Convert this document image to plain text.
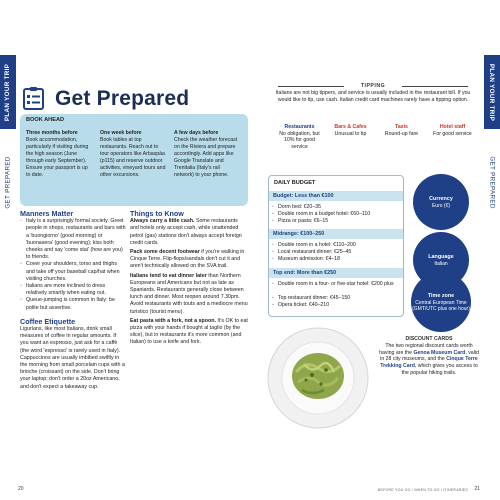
PLAN YOUR TRIP
GET PREPARED
PLAN YOUR TRIP
GET PREPARED
Get Prepared
BOOK AHEAD
Three months before
Book accommodation, particularly if visiting during the high season (June through early September). Ensure your passport is up to date.
One week before
Book tables at top restaurants. Reach out to tour operators like Arbaspàa (p115) and reserve outdoor activities, vineyard tours and other excursions.
A few days before
Check the weather forecast on the Riviera and prepare accordingly. Add apps like Google Translate and Trenitalia (Italy's rail network) to your phone.
Manners Matter
◦ Italy is a surprisingly formal society. Greet people in shops, restaurants and bars with a 'buongiorno' (good morning) or 'buonasera' (good evening); kiss both cheeks and say 'come stai' (how are you) to friends.
◦ Cover your shoulders, torso and thighs and take off your baseball cap/hat when visiting churches.
◦ Italians are more inclined to dress relatively smartly when eating out.
◦ Queue-jumping is common in Italy: be polite but assertive.
Coffee Etiquette

Ligurians, like most Italians, drink small measures of coffee in regular amounts. If you want an espresso, just ask for a caffè (the word 'espresso' is rarely used in Italy). Cappuccinos are usually imbibed swiftly in the morning from small porcelain cups with a brioche (croissant) on the side. Don't bring your laptop; don't order a 20oz Americano, and don't expect a takeaway cup.

Things to Know

Always carry a little cash. Some restaurants and hotels only accept cash, while unattended petrol (gas) stations don't always accept foreign credit cards.

Pack some decent footwear if you're walking in Cinque Terre. Flip-flops/sandals don't cut it and aren't technically allowed on the SVA trail.

Italians tend to eat dinner later than Northern Europeans and Americans but not as late as Spaniards. Restaurants generally close between lunch and dinner. Most reopen around 7.30pm. Avoid restaurants with touts and a mediocre menu turistico (tourist menu).

Eat pasta with a fork, not a spoon. It's OK to eat pizza with your hands if bought al taglio (by the slice), but in restaurants it's more common (and Italian) to use a knife and fork.

TIPPING
Italians are not big tippers, and service is usually included in the restaurant bill. If you would like to tip, use cash. Italian credit card machines rarely have a tipping option.
Restaurants
No obligation, but 10% for good service
Bars & Cafes
Unusual to tip
Taxis
Round-up fare
Hotel staff
For good service
DAILY BUDGET
Budget: Less than €100
◦ Dorm bed: €20–35
◦ Double room in a budget hotel: €60–110
◦ Pizza or pasta: €6–15
Midrange: €100–250
◦ Double room in a hotel: €110–200
◦ Local restaurant dinner: €25–45
◦ Museum admission: €4–18
Top end: More than €250
◦ Double room in a four- or five-star hotel: €200 plus
◦ Top restaurant dinner: €45–150
◦ Opera ticket: €40–210
Currency
Euro (€)
Language
Italian
Time zone
Central European Time (GMT/UTC plus one hour)
DISCOUNT CARDS
The two regional discount cards worth having are the Genoa Museum Card, valid in 28 city museums, and the Cinque Terre Trekking Card, which gives you access to the popular hiking trails.
20	BEFORE YOU GO / WHEN TO GO / ITINERARIES 21
